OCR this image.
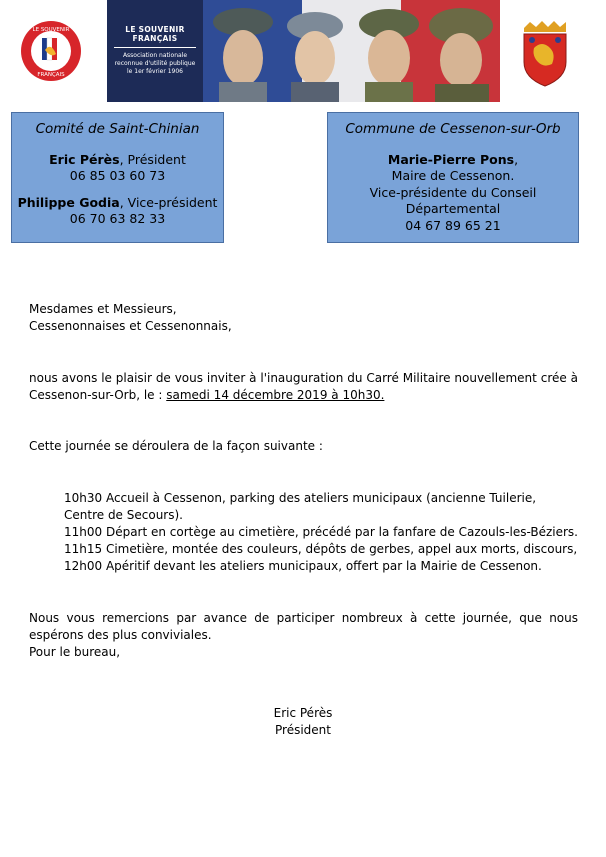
LE SOUVENIR
FRANÇAIS
LE SOUVENIR FRANÇAIS
Association nationale
reconnue d'utilité publique
le 1er février 1906
Comité de Saint-Chinian
Eric Pérès, Président
06 85 03 60 73
Philippe Godia, Vice-président
06 70 63 82 33
Commune de Cessenon-sur-Orb
Marie-Pierre Pons,
Maire de Cessenon.
Vice-présidente du Conseil Départemental
04 67 89 65 21
Mesdames et Messieurs,
Cessenonnaises et Cessenonnais,
nous avons le plaisir de vous inviter à l'inauguration du Carré Militaire nouvellement crée à Cessenon-sur-Orb, le : samedi 14 décembre 2019 à 10h30.
Cette journée se déroulera de la façon suivante :
10h30 Accueil à Cessenon, parking des ateliers municipaux (ancienne Tuilerie, Centre de Secours).
11h00 Départ en cortège au cimetière, précédé par la fanfare de Cazouls-les-Béziers.
11h15 Cimetière, montée des couleurs, dépôts de gerbes, appel aux morts, discours,
12h00 Apéritif devant les ateliers municipaux, offert par la Mairie de Cessenon.
Nous vous remercions par avance de participer nombreux à cette journée, que nous espérons des plus conviviales.
Pour le bureau,
Eric Pérès
Président
